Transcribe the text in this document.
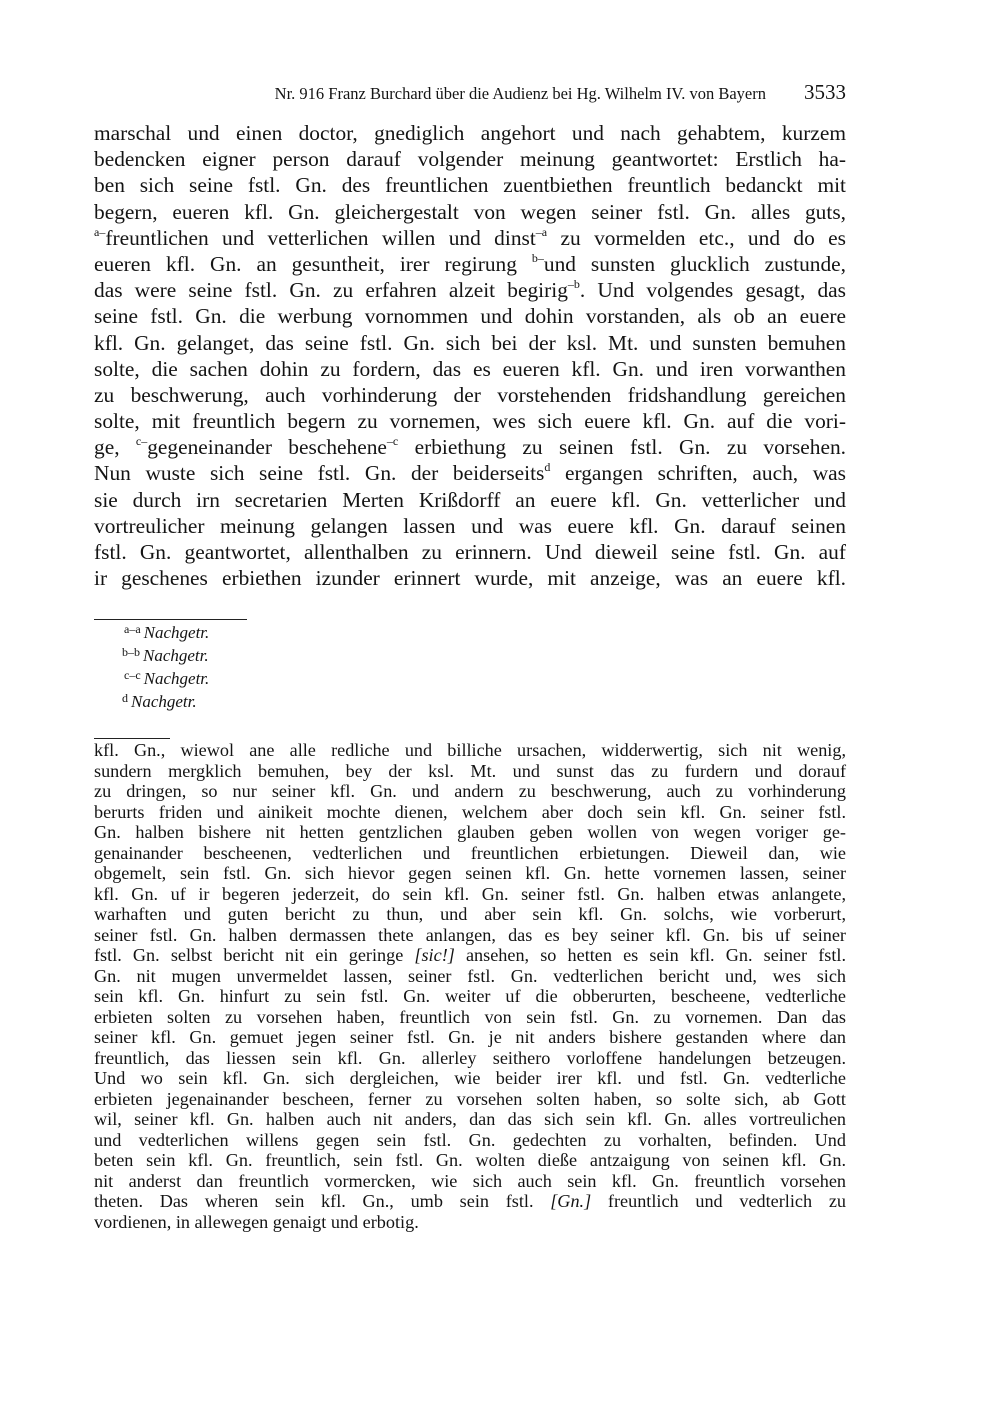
Nr. 916 Franz Burchard über die Audienz bei Hg. Wilhelm IV. von Bayern 3533
marschal und einen doctor, gnediglich angehort und nach gehabtem, kurzem
bedencken eigner person darauf volgender meinung geantwortet: Erstlich ha-
ben sich seine fstl. Gn. des freuntlichen zuentbiethen freuntlich bedanckt mit
begern, eueren kfl. Gn. gleichergestalt von wegen seiner fstl. Gn. alles guts,
$^{a-}$freuntlichen und vetterlichen willen und dinst$^{-a}$ zu vormelden etc., und do es
eueren kfl. Gn. an gesuntheit, irer regirung $^{b-}$und sunsten glucklich zustunde,
das were seine fstl. Gn. zu erfahren alzeit begirig$^{-b}$. Und volgendes gesagt, das
seine fstl. Gn. die werbung vornommen und dohin vorstanden, als ob an euere
kfl. Gn. gelanget, das seine fstl. Gn. sich bei der ksl. Mt. und sunsten bemuhen
solte, die sachen dohin zu fordern, das es eueren kfl. Gn. und iren vorwanthen
zu beschwerung, auch vorhinderung der vorstehenden fridshandlung gereichen
solte, mit freuntlich begern zu vornemen, wes sich euere kfl. Gn. auf die vori-
ge, $^{c-}$gegeneinander beschehene$^{-c}$ erbiethung zu seinen fstl. Gn. zu vorsehen.
Nun wuste sich seine fstl. Gn. der beiderseits$^d$ ergangen schriften, auch, was
sie durch irn secretarien Merten Krißdorff an euere kfl. Gn. vetterlicher und
vortreulicher meinung gelangen lassen und was euere kfl. Gn. darauf seinen
fstl. Gn. geantwortet, allenthalben zu erinnern. Und dieweil seine fstl. Gn. auf
ir geschenes erbiethen izunder erinnert wurde, mit anzeige, was an euere kfl.
$^{a-a}$ Nachgetr.
$^{b-b}$ Nachgetr.
$^{c-c}$ Nachgetr.
$^d$ Nachgetr.
kfl. Gn., wiewol ane alle redliche und billiche ursachen, widderwertig, sich nit wenig,
sundern mergklich bemuhen, bey der ksl. Mt. und sunst das zu furdern und dorauf
zu dringen, so nur seiner kfl. Gn. und andern zu beschwerung, auch zu vorhinderung
berurts friden und ainikeit mochte dienen, welchem aber doch sein kfl. Gn. seiner fstl.
Gn. halben bishere nit hetten gentzlichen glauben geben wollen von wegen voriger ge-
genainander bescheenen, vedterlichen und freuntlichen erbietungen. Dieweil dan, wie
obgemelt, sein fstl. Gn. sich hievor gegen seinen kfl. Gn. hette vornemen lassen, seiner
kfl. Gn. uf ir begeren jederzeit, do sein kfl. Gn. seiner fstl. Gn. halben etwas anlangete,
warhaften und guten bericht zu thun, und aber sein kfl. Gn. solchs, wie vorberurt,
seiner fstl. Gn. halben dermassen thete anlangen, das es bey seiner kfl. Gn. bis uf seiner
fstl. Gn. selbst bericht nit ein geringe [sic!] ansehen, so hetten es sein kfl. Gn. seiner fstl.
Gn. nit mugen unvermeldet lassen, seiner fstl. Gn. vedterlichen bericht und, wes sich
sein kfl. Gn. hinfurt zu sein fstl. Gn. weiter uf die obberurten, bescheene, vedterliche
erbieten solten zu vorsehen haben, freuntlich von sein fstl. Gn. zu vornemen. Dan das
seiner kfl. Gn. gemuet jegen seiner fstl. Gn. je nit anders bishere gestanden where dan
freuntlich, das liessen sein kfl. Gn. allerley seithero vorloffene handelungen betzeugen.
Und wo sein kfl. Gn. sich dergleichen, wie beider irer kfl. und fstl. Gn. vedterliche
erbieten jegenainander bescheen, ferner zu vorsehen solten haben, so solte sich, ab Gott
wil, seiner kfl. Gn. halben auch nit anders, dan das sich sein kfl. Gn. alles vortreulichen
und vedterlichen willens gegen sein fstl. Gn. gedechten zu vorhalten, befinden. Und
beten sein kfl. Gn. freuntlich, sein fstl. Gn. wolten dieße antzaigung von seinen kfl. Gn.
nit anderst dan freuntlich vormercken, wie sich auch sein kfl. Gn. freuntlich vorsehen
theten. Das wheren sein kfl. Gn., umb sein fstl. [Gn.] freuntlich und vedterlich zu
vordienen, in allewegen genaigt und erbotig.
